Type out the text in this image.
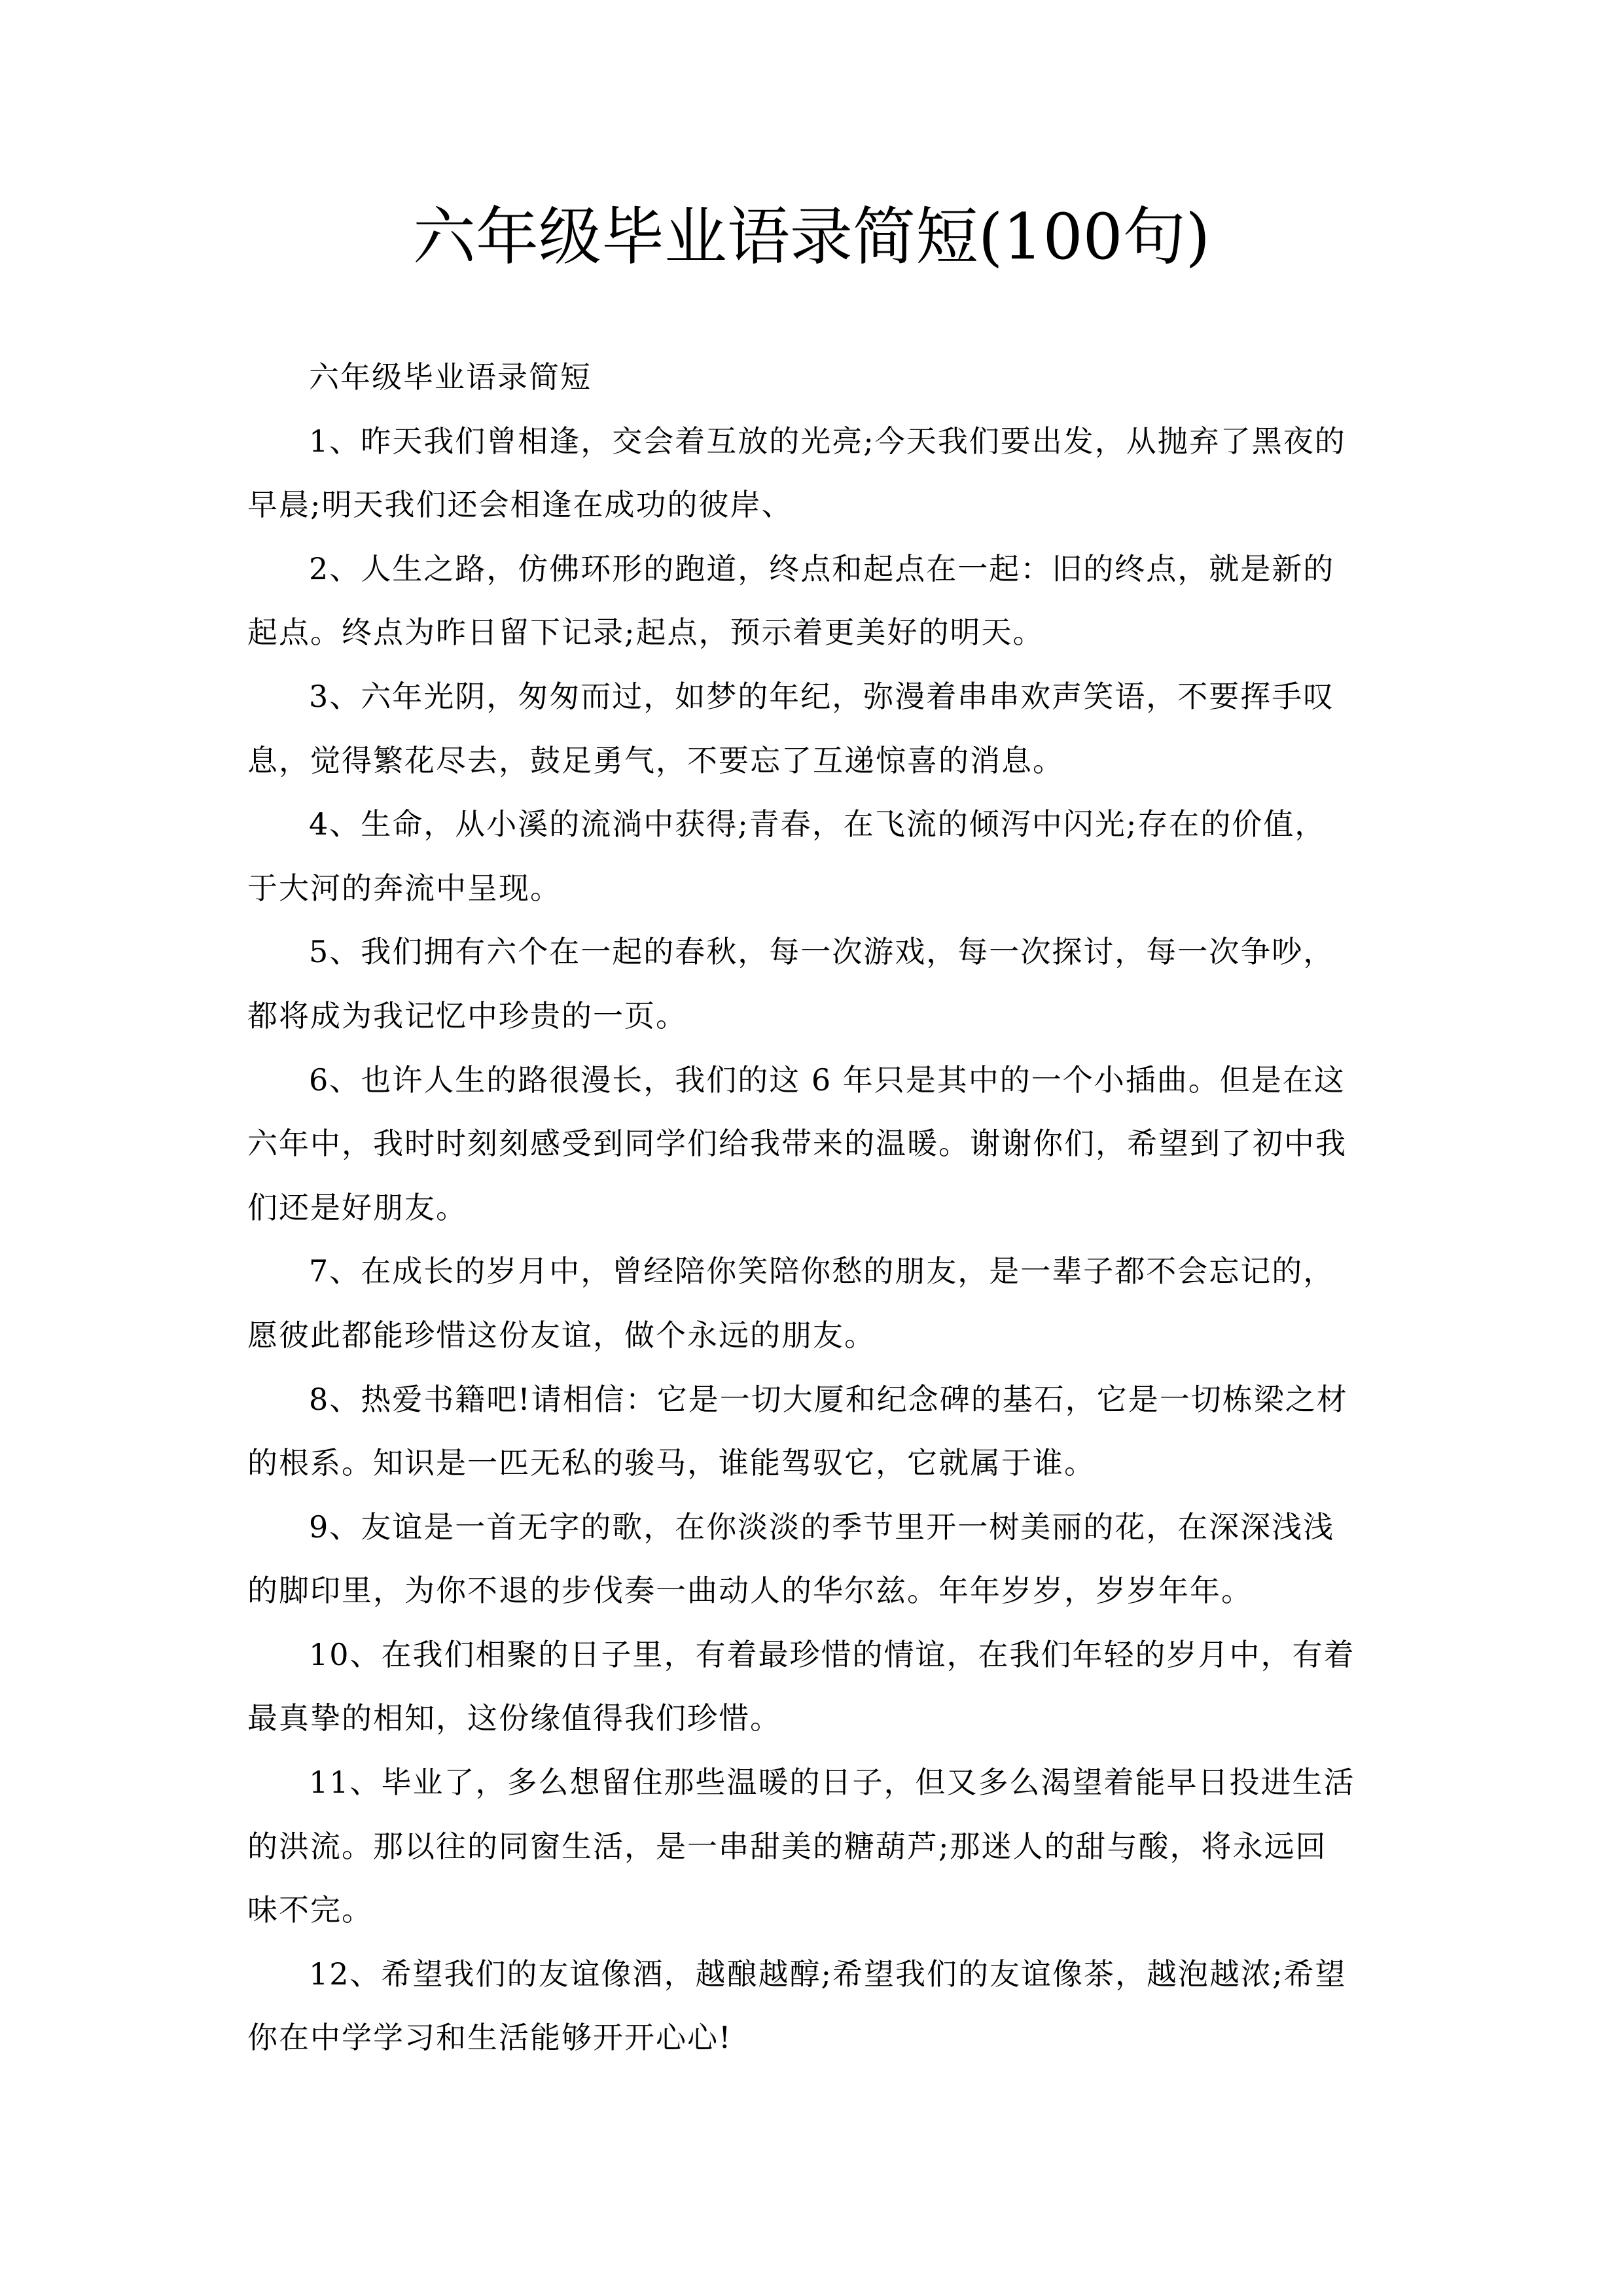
六年级毕业语录简短(100句)
六年级毕业语录简短
1、昨天我们曾相逢，交会着互放的光亮;今天我们要出发，从抛弃了黑夜的
早晨;明天我们还会相逢在成功的彼岸、
2、人生之路，仿佛环形的跑道，终点和起点在一起：旧的终点，就是新的
起点。终点为昨日留下记录;起点，预示着更美好的明天。
3、六年光阴，匆匆而过，如梦的年纪，弥漫着串串欢声笑语，不要挥手叹
息，觉得繁花尽去，鼓足勇气，不要忘了互递惊喜的消息。
4、生命，从小溪的流淌中获得;青春，在飞流的倾泻中闪光;存在的价值，
于大河的奔流中呈现。
5、我们拥有六个在一起的春秋，每一次游戏，每一次探讨，每一次争吵，
都将成为我记忆中珍贵的一页。
6、也许人生的路很漫长，我们的这 6 年只是其中的一个小插曲。但是在这
六年中，我时时刻刻感受到同学们给我带来的温暖。谢谢你们，希望到了初中我
们还是好朋友。
7、在成长的岁月中，曾经陪你笑陪你愁的朋友，是一辈子都不会忘记的，
愿彼此都能珍惜这份友谊，做个永远的朋友。
8、热爱书籍吧!请相信：它是一切大厦和纪念碑的基石，它是一切栋梁之材
的根系。知识是一匹无私的骏马，谁能驾驭它，它就属于谁。
9、友谊是一首无字的歌，在你淡淡的季节里开一树美丽的花，在深深浅浅
的脚印里，为你不退的步伐奏一曲动人的华尔兹。年年岁岁，岁岁年年。
10、在我们相聚的日子里，有着最珍惜的情谊，在我们年轻的岁月中，有着
最真挚的相知，这份缘值得我们珍惜。
11、毕业了，多么想留住那些温暖的日子，但又多么渴望着能早日投进生活
的洪流。那以往的同窗生活，是一串甜美的糖葫芦;那迷人的甜与酸，将永远回
味不完。
12、希望我们的友谊像酒，越酿越醇;希望我们的友谊像茶，越泡越浓;希望
你在中学学习和生活能够开开心心!
